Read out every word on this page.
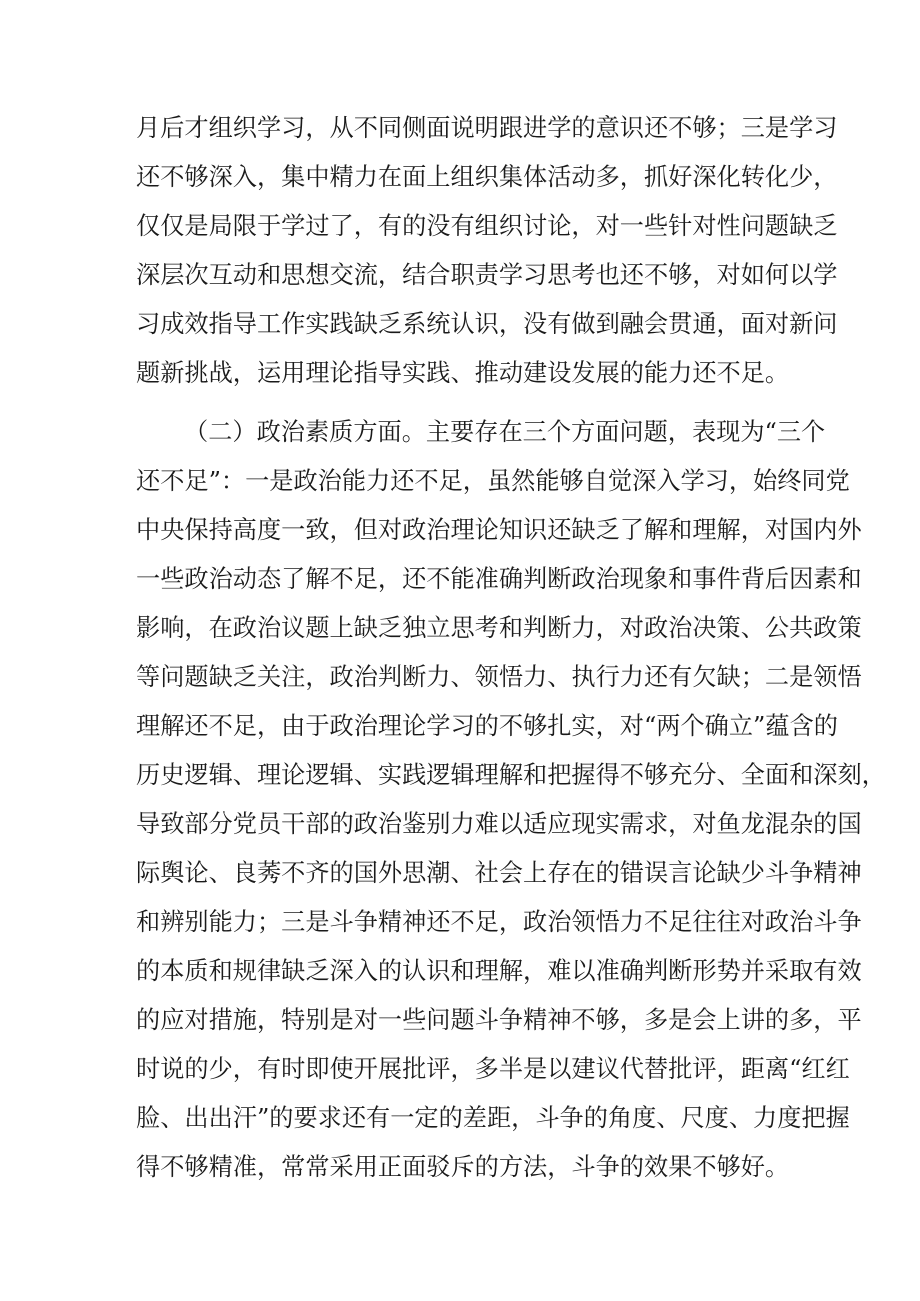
月后才组织学习，从不同侧面说明跟进学的意识还不够；三是学习
还不够深入，集中精力在面上组织集体活动多，抓好深化转化少，
仅仅是局限于学过了，有的没有组织讨论，对一些针对性问题缺乏
深层次互动和思想交流，结合职责学习思考也还不够，对如何以学
习成效指导工作实践缺乏系统认识，没有做到融会贯通，面对新问
题新挑战，运用理论指导实践、推动建设发展的能力还不足。
（二）政治素质方面。主要存在三个方面问题，表现为“三个
还不足”：一是政治能力还不足，虽然能够自觉深入学习，始终同党
中央保持高度一致，但对政治理论知识还缺乏了解和理解，对国内外
一些政治动态了解不足，还不能准确判断政治现象和事件背后因素和
影响，在政治议题上缺乏独立思考和判断力，对政治决策、公共政策
等问题缺乏关注，政治判断力、领悟力、执行力还有欠缺；二是领悟
理解还不足，由于政治理论学习的不够扎实，对“两个确立”蕴含的
历史逻辑、理论逻辑、实践逻辑理解和把握得不够充分、全面和深刻，
导致部分党员干部的政治鉴别力难以适应现实需求，对鱼龙混杂的国
际舆论、良莠不齐的国外思潮、社会上存在的错误言论缺少斗争精神
和辨别能力；三是斗争精神还不足，政治领悟力不足往往对政治斗争
的本质和规律缺乏深入的认识和理解，难以准确判断形势并采取有效
的应对措施，特别是对一些问题斗争精神不够，多是会上讲的多，平
时说的少，有时即使开展批评，多半是以建议代替批评，距离“红红
脸、出出汗”的要求还有一定的差距，斗争的角度、尺度、力度把握
得不够精准，常常采用正面驳斥的方法，斗争的效果不够好。
